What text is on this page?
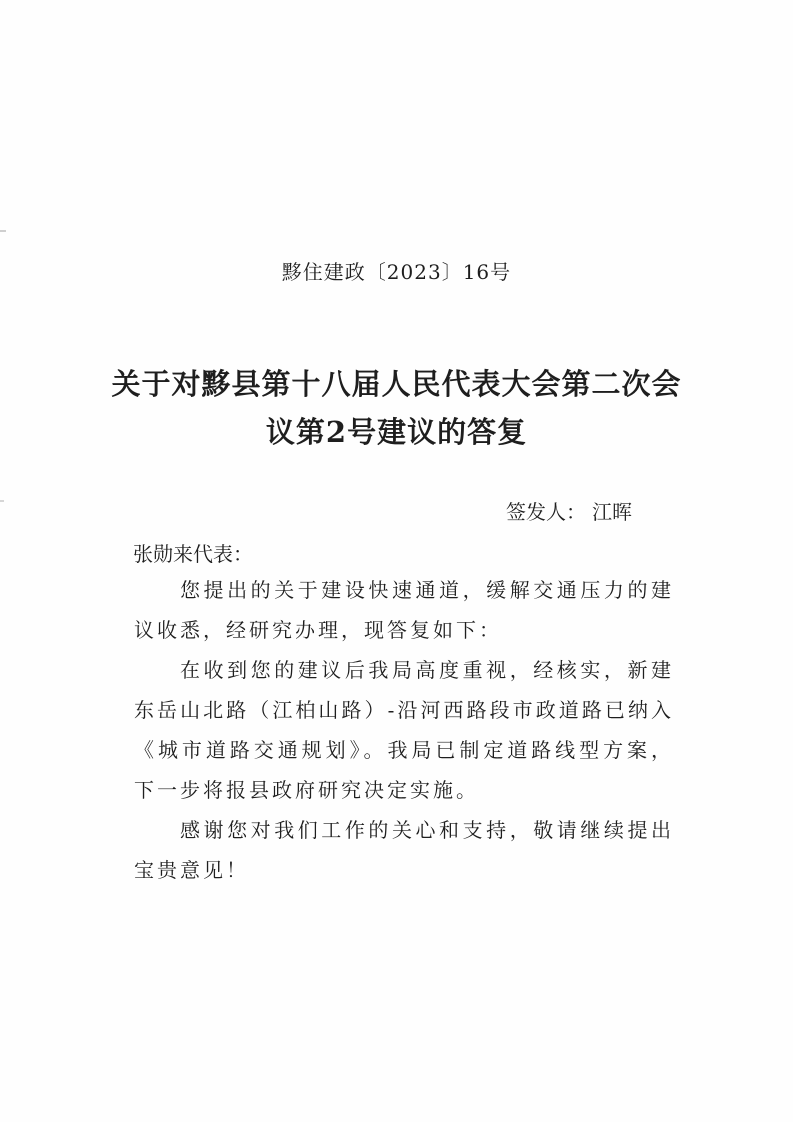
黟住建政〔2023〕16号
关于对黟县第十八届人民代表大会第二次会
议第2号建议的答复
签发人： 江晖
张勋来代表：

您提出的关于建设快速通道，缓解交通压力的建议收悉，经研究办理，现答复如下：

在收到您的建议后我局高度重视，经核实，新建东岳山北路（江柏山路）-沿河西路段市政道路已纳入《城市道路交通规划》。我局已制定道路线型方案，下一步将报县政府研究决定实施。

感谢您对我们工作的关心和支持，敬请继续提出宝贵意见！
